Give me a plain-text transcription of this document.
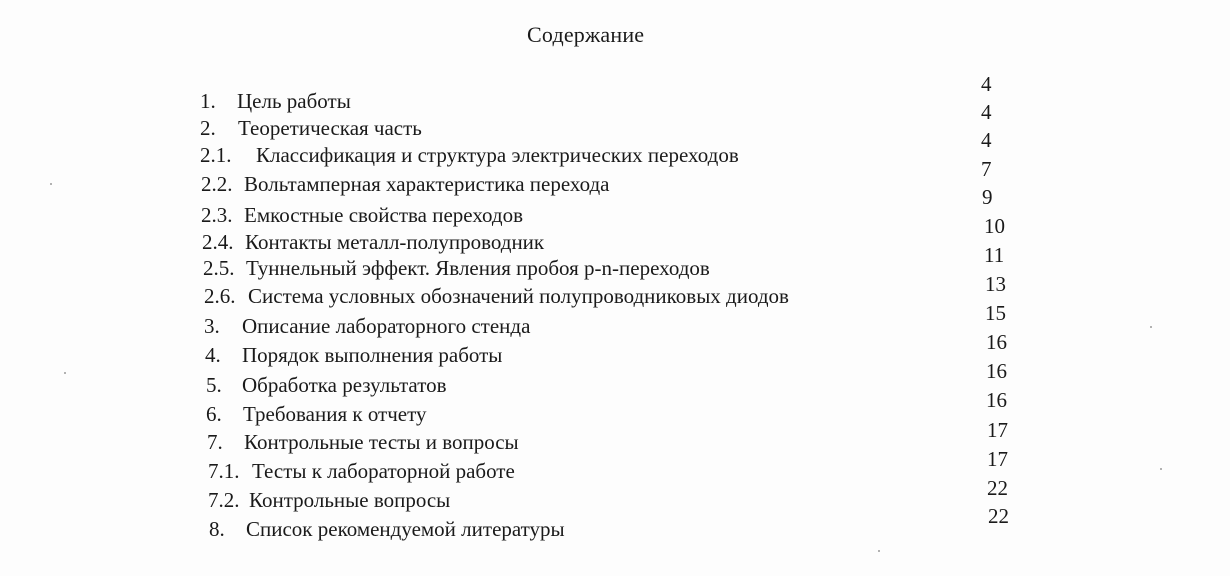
Содержание
1. Цель работы
2. Теоретическая часть
2.1. Классификация и структура электрических переходов
2.2. Вольтамперная характеристика перехода
2.3. Емкостные свойства переходов
2.4. Контакты металл-полупроводник
2.5. Туннельный эффект. Явления пробоя p-n-переходов
2.6. Система условных обозначений полупроводниковых диодов
3. Описание лабораторного стенда
4. Порядок выполнения работы
5. Обработка результатов
6. Требования к отчету
7. Контрольные тесты и вопросы
7.1. Тесты к лабораторной работе
7.2. Контрольные вопросы
8. Список рекомендуемой литературы
4
4
4
7
9
10
11
13
15
16
16
16
17
17
22
22
